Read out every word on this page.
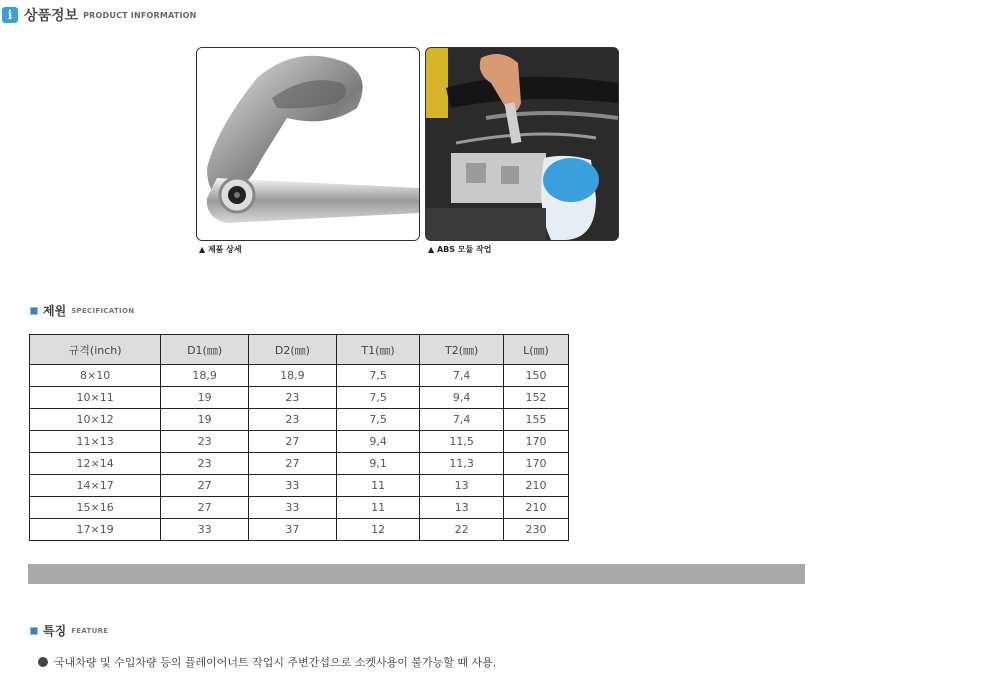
i 상품정보 PRODUCT INFORMATION
▲ 제품 상세	▲ ABS 모듈 작업
제원 SPECIFICATION
규격(inch)	D1(㎜)	D2(㎜)	T1(㎜)	T2(㎜)	L(㎜)
8×10	18,9	18,9	7,5	7,4	150
10×11	19	23	7,5	9,4	152
10×12	19	23	7,5	7,4	155
11×13	23	27	9,4	11,5	170
12×14	23	27	9,1	11,3	170
14×17	27	33	11	13	210
15×16	27	33	11	13	210
17×19	33	37	12	22	230
특징 FEATURE
국내차량 및 수입차량 등의 플레이어너트 작업시 주변간섭으로 소켓사용이 불가능할 때 사용.
